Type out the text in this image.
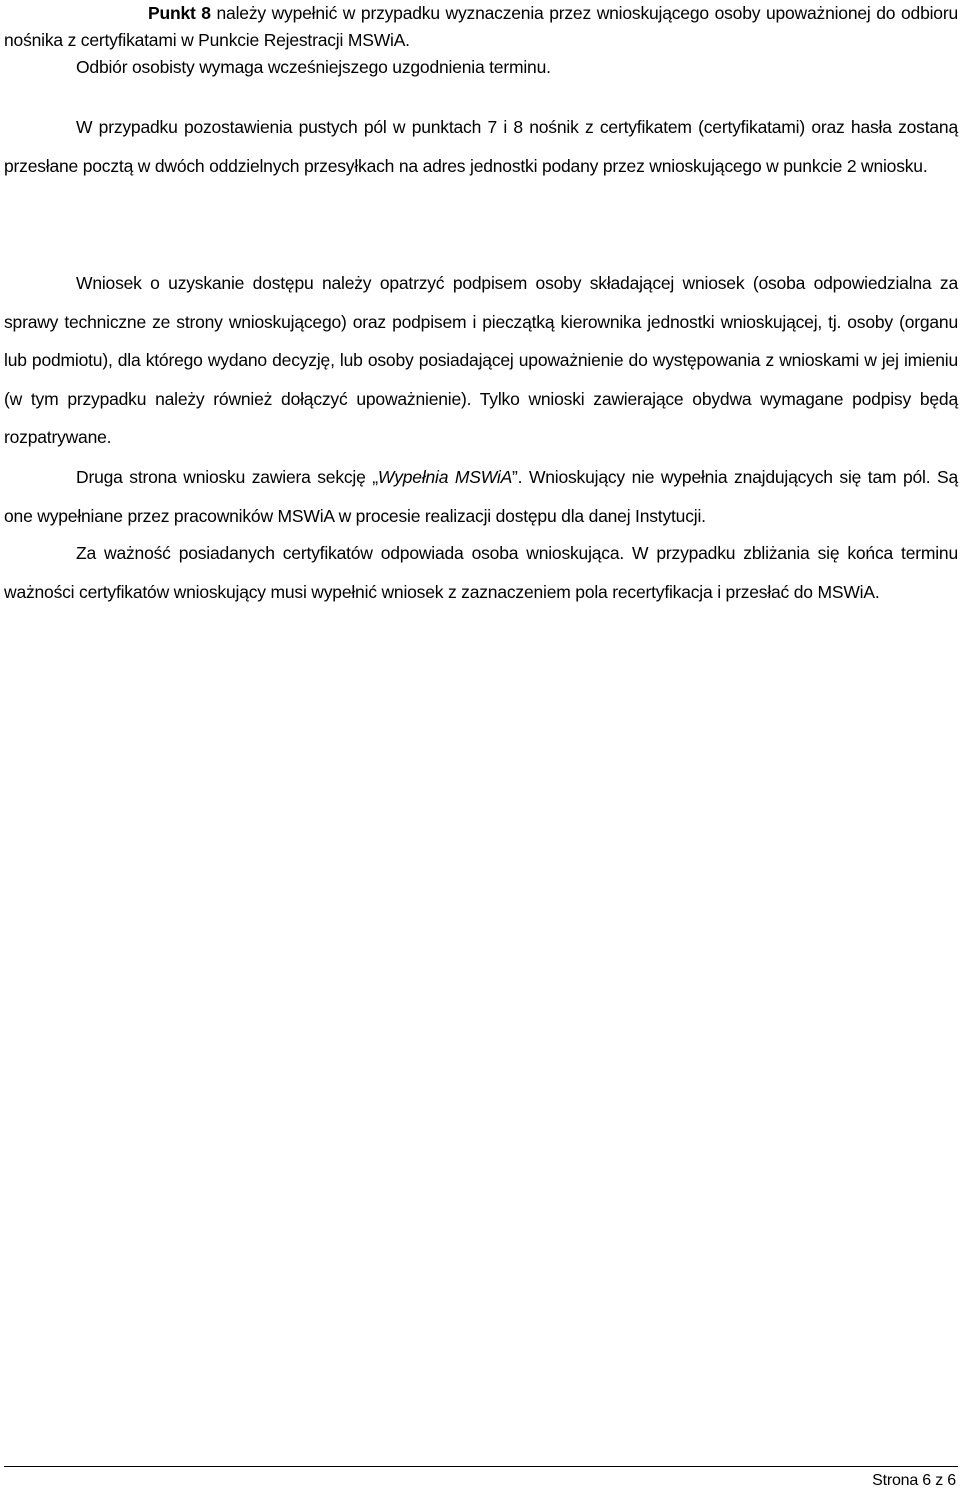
Punkt 8 należy wypełnić w przypadku wyznaczenia przez wnioskującego osoby upoważnionej do odbioru nośnika z certyfikatami w Punkcie Rejestracji MSWiA.
Odbiór osobisty wymaga wcześniejszego uzgodnienia terminu.

W przypadku pozostawienia pustych pól w punktach 7 i 8 nośnik z certyfikatem (certyfikatami) oraz hasła zostaną przesłane pocztą w dwóch oddzielnych przesyłkach na adres jednostki podany przez wnioskującego w punkcie 2 wniosku.

Wniosek o uzyskanie dostępu należy opatrzyć podpisem osoby składającej wniosek (osoba odpowiedzialna za sprawy techniczne ze strony wnioskującego) oraz podpisem i pieczątką kierownika jednostki wnioskującej, tj. osoby (organu lub podmiotu), dla którego wydano decyzję, lub osoby posiadającej upoważnienie do występowania z wnioskami w jej imieniu (w tym przypadku należy również dołączyć upoważnienie). Tylko wnioski zawierające obydwa wymagane podpisy będą rozpatrywane.

Druga strona wniosku zawiera sekcję „Wypełnia MSWiA”. Wnioskujący nie wypełnia znajdujących się tam pól. Są one wypełniane przez pracowników MSWiA w procesie realizacji dostępu dla danej Instytucji.

Za ważność posiadanych certyfikatów odpowiada osoba wnioskująca. W przypadku zbliżania się końca terminu ważności certyfikatów wnioskujący musi wypełnić wniosek z zaznaczeniem pola recertyfikacja i przesłać do MSWiA.

Strona 6 z 6
